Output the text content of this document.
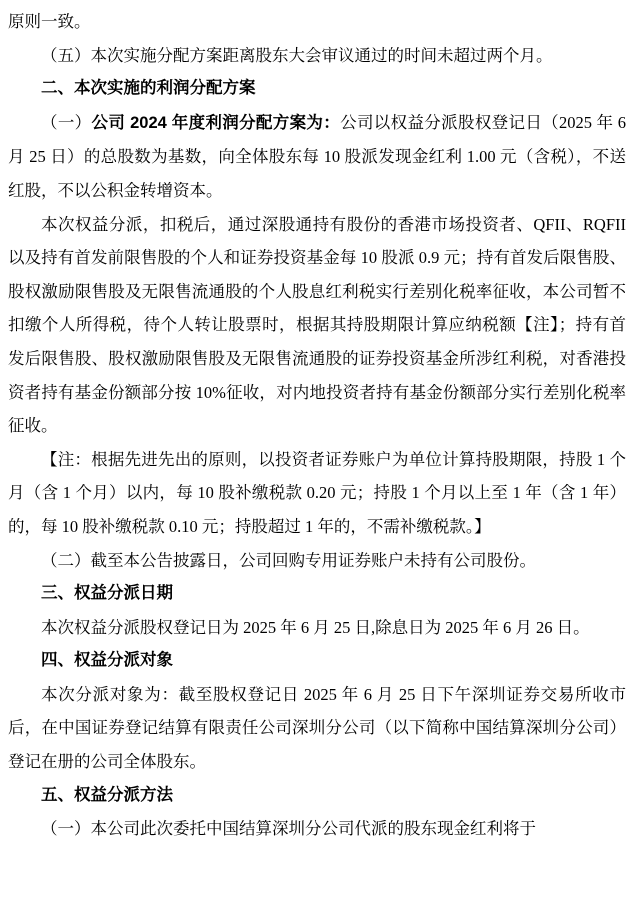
原则一致。
（五）本次实施分配方案距离股东大会审议通过的时间未超过两个月。
二、本次实施的利润分配方案
（一）公司 2024 年度利润分配方案为：公司以权益分派股权登记日（2025 年 6 月 25 日）的总股数为基数，向全体股东每 10 股派发现金红利 1.00 元（含税），不送红股，不以公积金转增资本。
本次权益分派，扣税后，通过深股通持有股份的香港市场投资者、QFII、RQFII 以及持有首发前限售股的个人和证券投资基金每 10 股派 0.9 元；持有首发后限售股、股权激励限售股及无限售流通股的个人股息红利税实行差别化税率征收，本公司暂不扣缴个人所得税，待个人转让股票时，根据其持股期限计算应纳税额【注】；持有首发后限售股、股权激励限售股及无限售流通股的证券投资基金所涉红利税，对香港投资者持有基金份额部分按 10%征收，对内地投资者持有基金份额部分实行差别化税率征收。
【注：根据先进先出的原则，以投资者证券账户为单位计算持股期限，持股 1 个月（含 1 个月）以内，每 10 股补缴税款 0.20 元；持股 1 个月以上至 1 年（含 1 年）的，每 10 股补缴税款 0.10 元；持股超过 1 年的，不需补缴税款。】
（二）截至本公告披露日，公司回购专用证券账户未持有公司股份。
三、权益分派日期
本次权益分派股权登记日为 2025 年 6 月 25 日,除息日为 2025 年 6 月 26 日。
四、权益分派对象
本次分派对象为：截至股权登记日 2025 年 6 月 25 日下午深圳证券交易所收市后，在中国证券登记结算有限责任公司深圳分公司（以下简称中国结算深圳分公司）登记在册的公司全体股东。
五、权益分派方法
（一）本公司此次委托中国结算深圳分公司代派的股东现金红利将于
